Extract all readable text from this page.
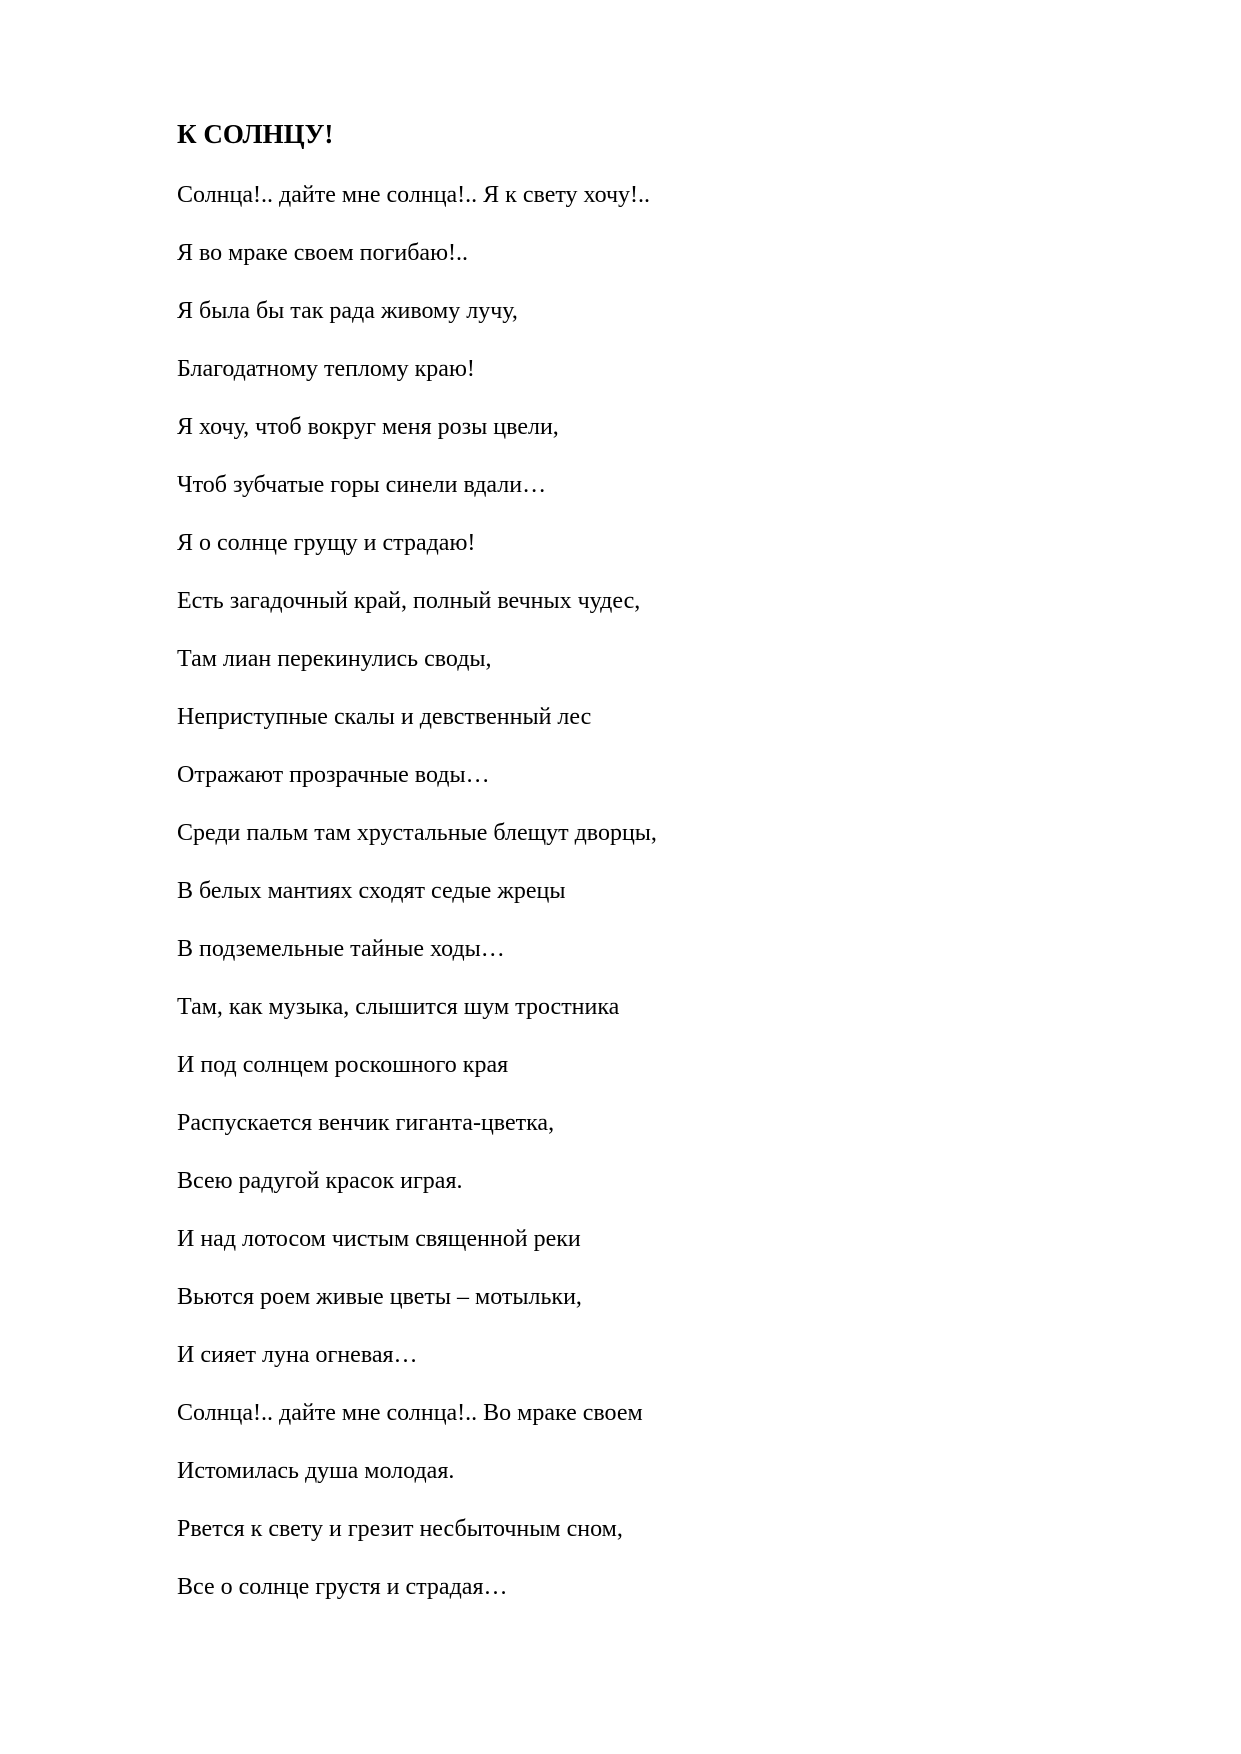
К СОЛНЦУ!
Солнца!.. дайте мне солнца!.. Я к свету хочу!..
Я во мраке своем погибаю!..
Я была бы так рада живому лучу,
Благодатному теплому краю!
Я хочу, чтоб вокруг меня розы цвели,
Чтоб зубчатые горы синели вдали…
Я о солнце грущу и страдаю!
Есть загадочный край, полный вечных чудес,
Там лиан перекинулись своды,
Неприступные скалы и девственный лес
Отражают прозрачные воды…
Среди пальм там хрустальные блещут дворцы,
В белых мантиях сходят седые жрецы
В подземельные тайные ходы…
Там, как музыка, слышится шум тростника
И под солнцем роскошного края
Распускается венчик гиганта-цветка,
Всею радугой красок играя.
И над лотосом чистым священной реки
Вьются роем живые цветы – мотыльки,
И сияет луна огневая…
Солнца!.. дайте мне солнца!.. Во мраке своем
Истомилась душа молодая.
Рвется к свету и грезит несбыточным сном,
Все о солнце грустя и страдая…
